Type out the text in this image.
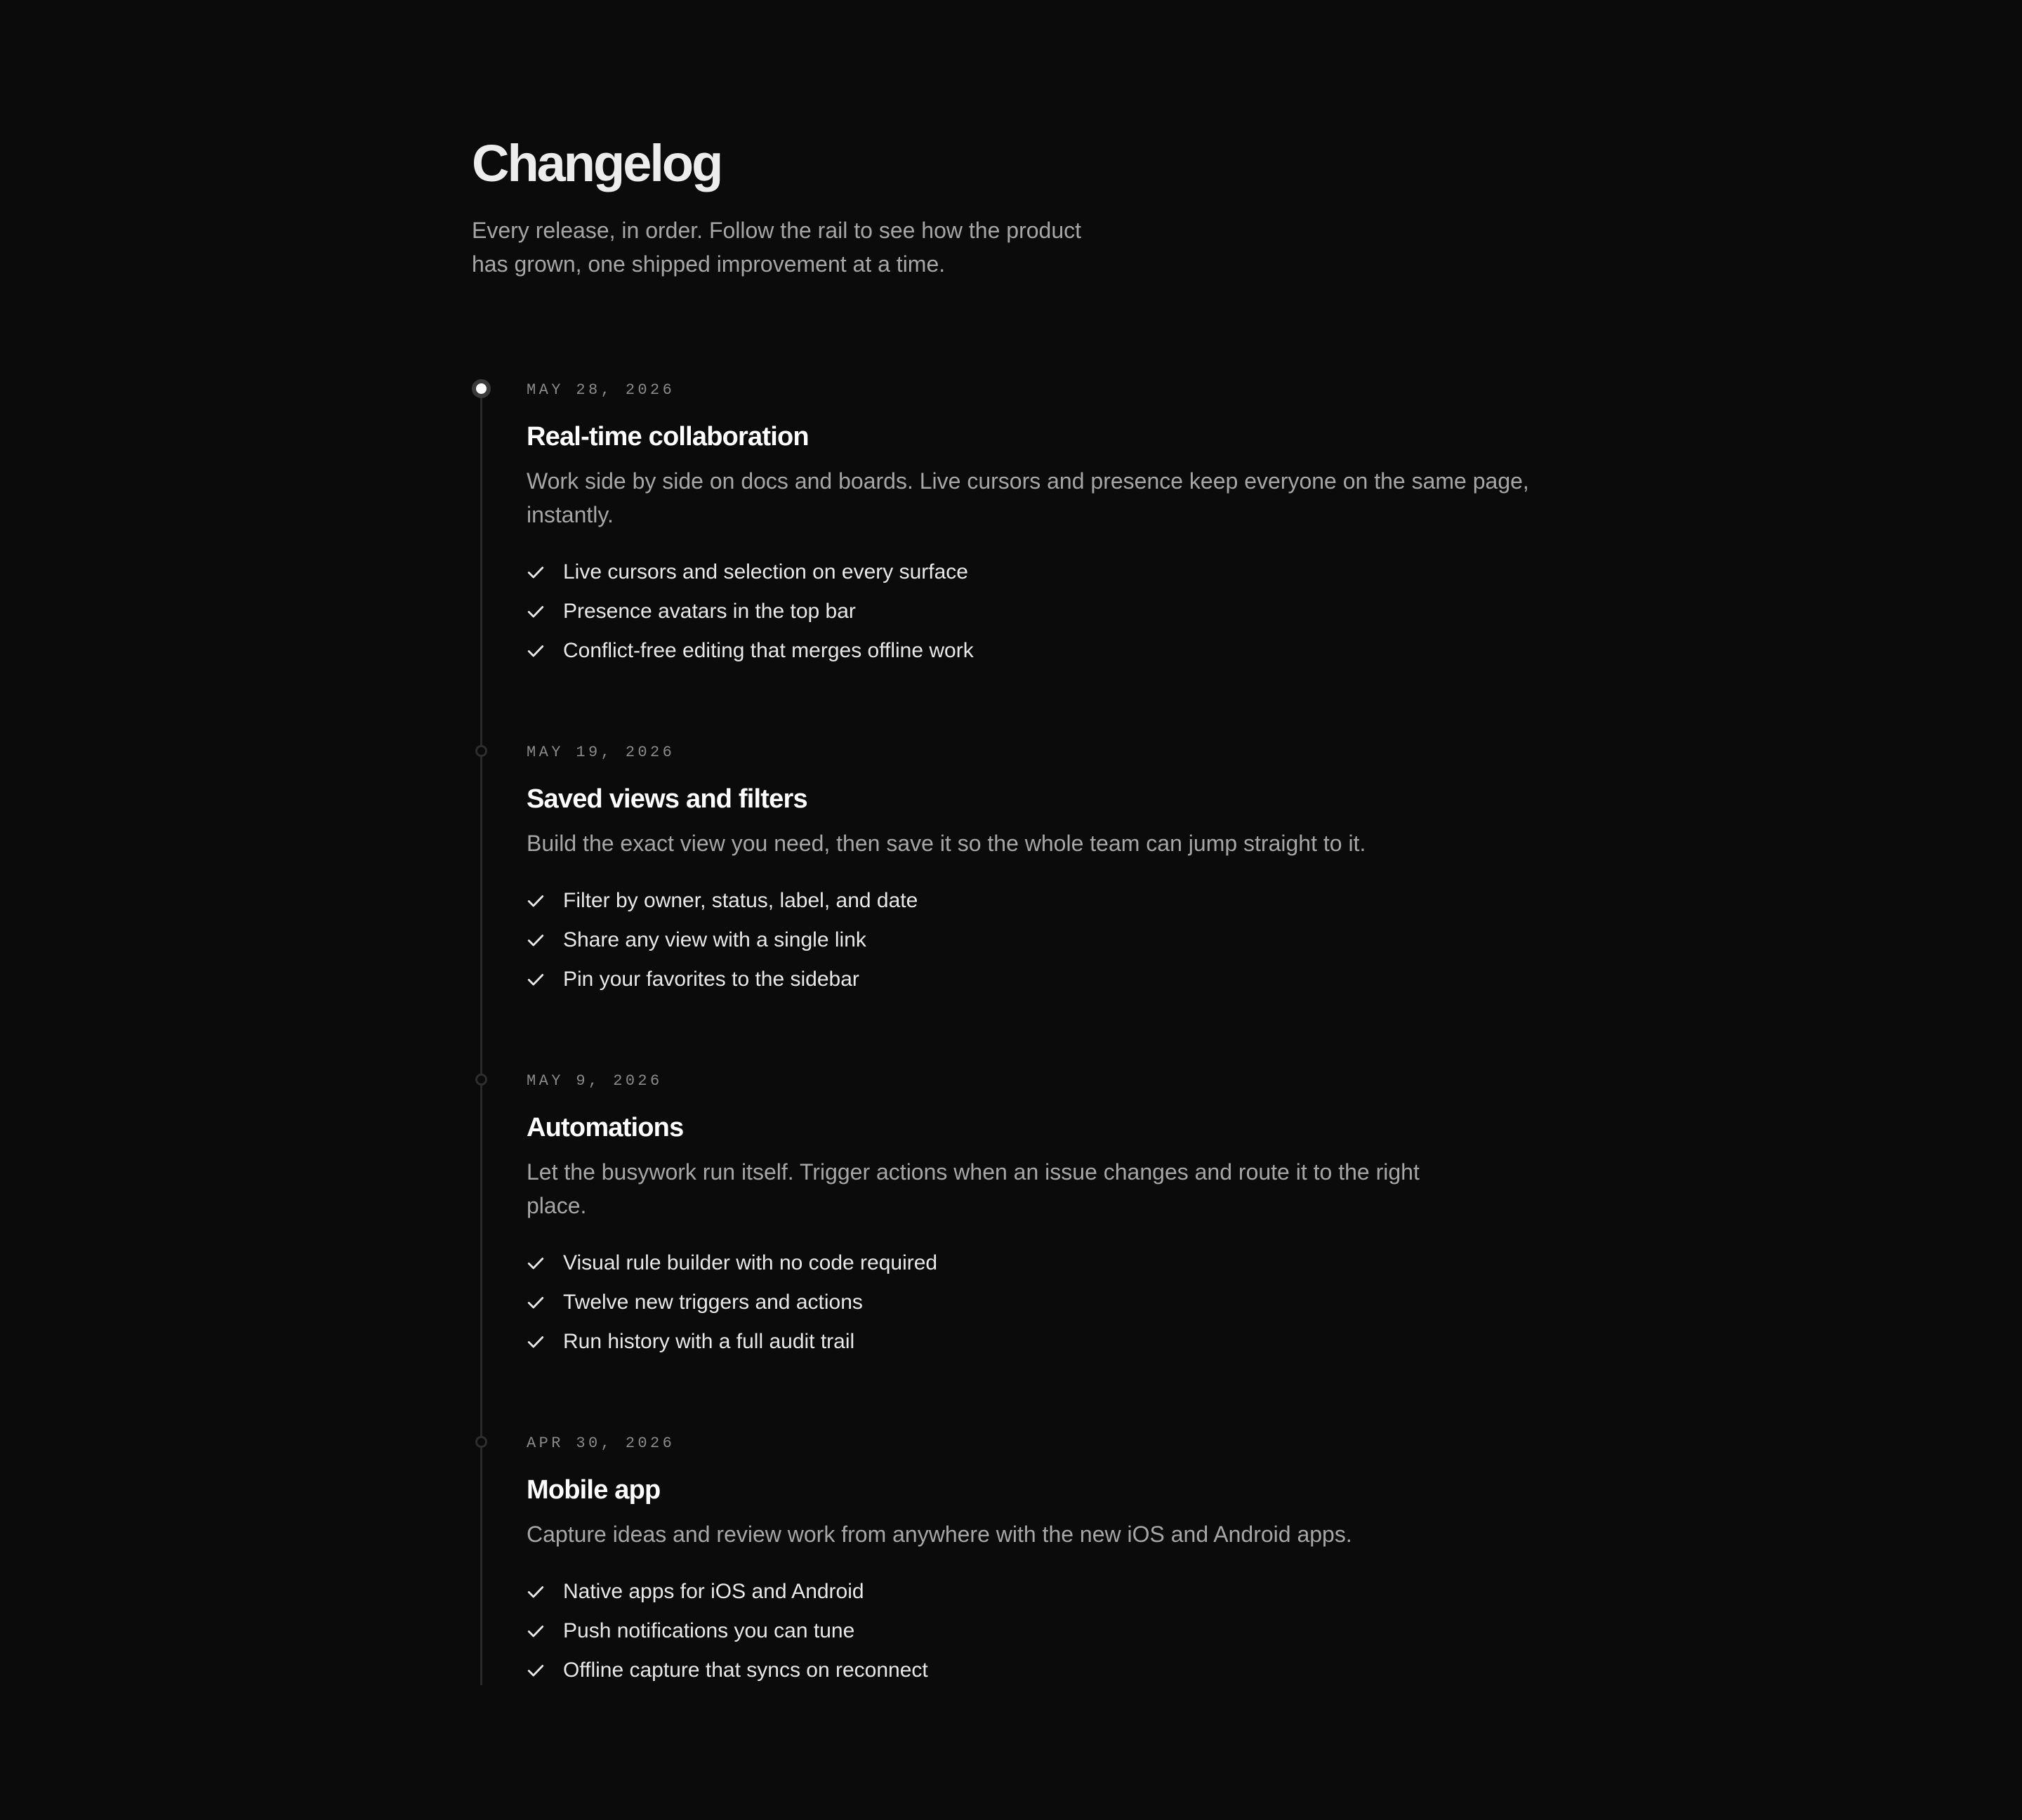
Changelog

Every release, in order. Follow the rail to see how the product has grown, one shipped improvement at a time.

MAY 28, 2026
Real-time collaboration

Work side by side on docs and boards. Live cursors and presence keep everyone on the same page, instantly.

Live cursors and selection on every surface
Presence avatars in the top bar
Conflict-free editing that merges offline work
MAY 19, 2026
Saved views and filters

Build the exact view you need, then save it so the whole team can jump straight to it.

Filter by owner, status, label, and date
Share any view with a single link
Pin your favorites to the sidebar
MAY 9, 2026
Automations

Let the busywork run itself. Trigger actions when an issue changes and route it to the right place.

Visual rule builder with no code required
Twelve new triggers and actions
Run history with a full audit trail
APR 30, 2026
Mobile app

Capture ideas and review work from anywhere with the new iOS and Android apps.

Native apps for iOS and Android
Push notifications you can tune
Offline capture that syncs on reconnect
